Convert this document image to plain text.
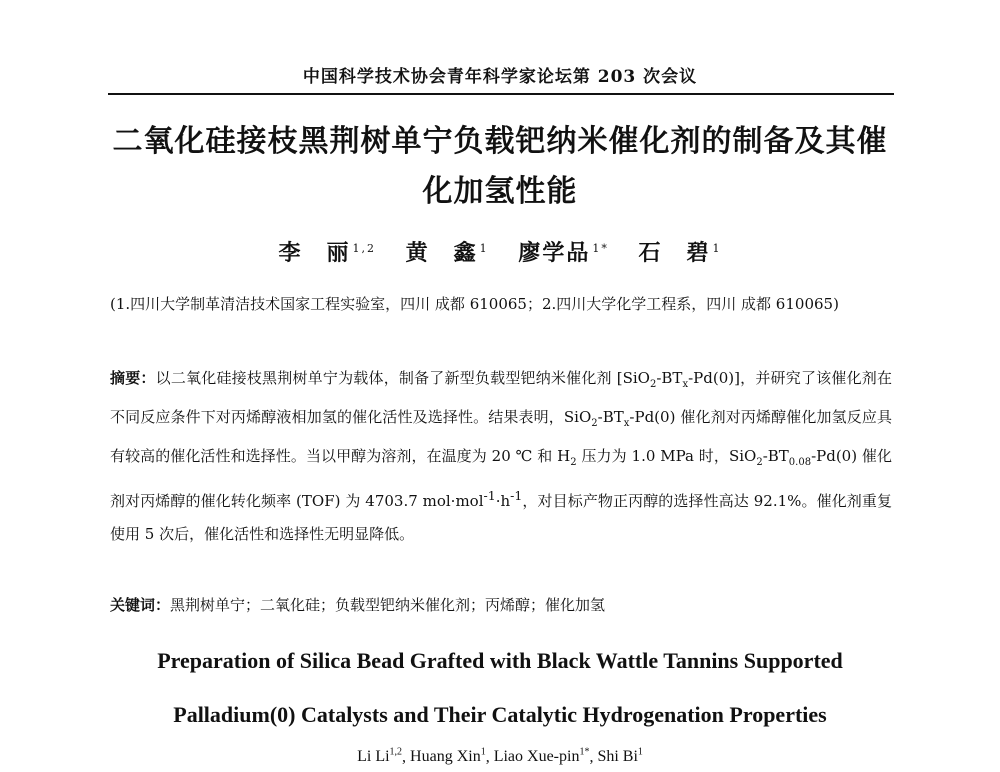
中国科学技术协会青年科学家论坛第 203 次会议
二氧化硅接枝黑荆树单宁负载钯纳米催化剂的制备及其催
化加氢性能
李　丽 $^{1,2}$ 黄　鑫 $^1$ 廖学品 $^{1*}$ 石　碧 $^1$
(1.四川大学制革清洁技术国家工程实验室，四川 成都 610065；2.四川大学化学工程系，四川 成都 610065)
摘要：以二氧化硅接枝黑荆树单宁为载体，制备了新型负载型钯纳米催化剂 $[SiO_2-BT_x-Pd(0)]$，并研究了该催化剂在不同反应条件下对丙烯醇液相加氢的催化活性及选择性。结果表明，$SiO_2-BT_x-Pd(0)$ 催化剂对丙烯醇催化加氢反应具有较高的催化活性和选择性。当以甲醇为溶剂，在温度为 20 ℃ 和 $H_2$ 压力为 1.0 MPa 时，$SiO_2-BT_{0.08}-Pd(0)$ 催化剂对丙烯醇的催化转化频率 (TOF) 为 4703.7 $mol\cdot mol^{-1}\cdot h^{-1}$，对目标产物正丙醇的选择性高达 92.1%。催化剂重复使用 5 次后，催化活性和选择性无明显降低。
关键词：黑荆树单宁；二氧化硅；负载型钯纳米催化剂；丙烯醇；催化加氢
Preparation of Silica Bead Grafted with Black Wattle Tannins Supported
Palladium(0) Catalysts and Their Catalytic Hydrogenation Properties
Li Li$^{1,2}$, Huang Xin$^1$, Liao Xue-pin$^{1*}$, Shi Bi$^1$
